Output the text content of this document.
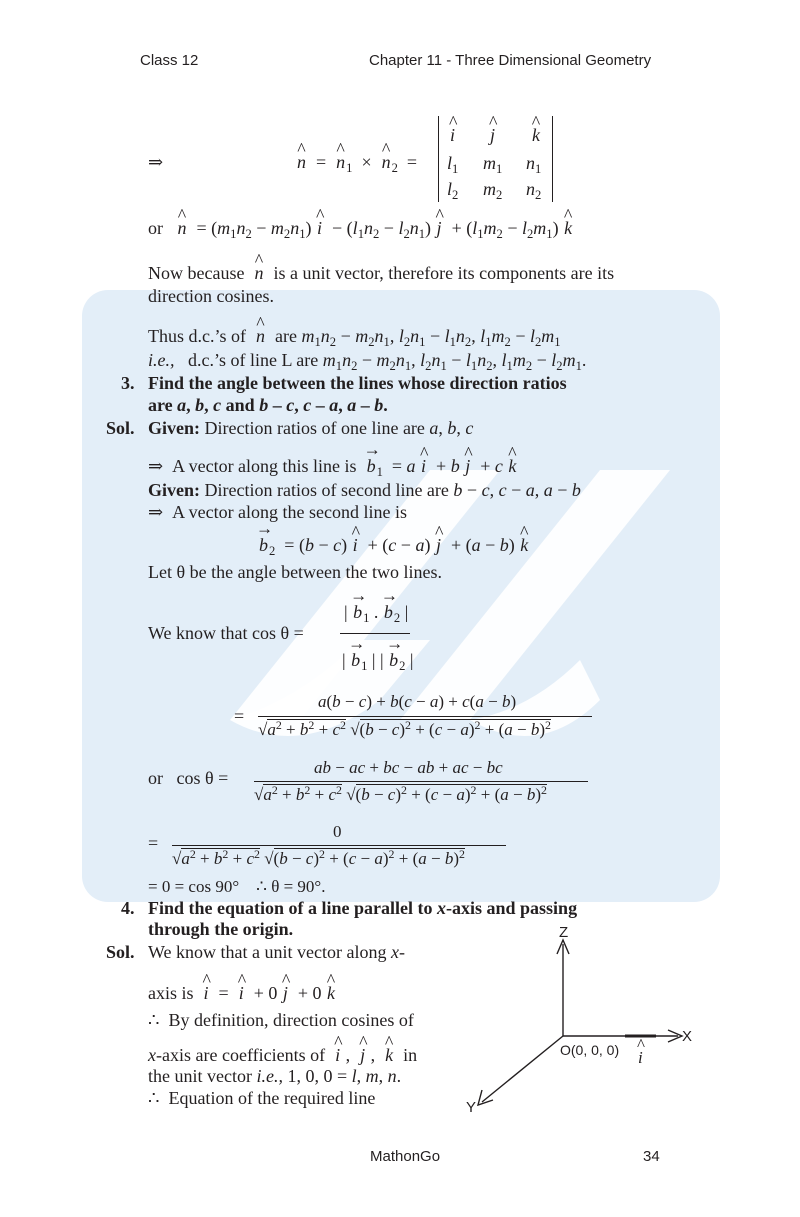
Class 12	Chapter 11 - Three Dimensional Geometry
⇒	^ n  =  ^ $n_1$  ×  ^ $n_2$  =
^ i ^ j ^ k
$l_1$ $m_1$ $n_1$
$l_2$ $m_2$ $n_2$
or   ^ $n = (m_1n_2 - m_2n_1)$ ^ $i - (l_1n_2 - l_2n_1)$ ^ $j + (l_1m_2 - l_2m_1)$ ^ k
Now because  ^ n  is a unit vector, therefore its components are its
direction cosines.
Thus d.c.’s of  ^ n  are $m_1n_2 - m_2n_1$, $l_2n_1 - l_1n_2$, $l_1m_2 - l_2m_1$
i.e.,   d.c.’s of line L are $m_1n_2 - m_2n_1$, $l_2n_1 - l_1n_2$, $l_1m_2 - l_2m_1$.
3. Find the angle between the lines whose direction ratios
are a, b, c and b – c, c – a, a – b.
Sol. Given: Direction ratios of one line are a, b, c
⇒  A vector along this line is  → $b_1 = a$ ^ i  + b ^ j  + c ^ k
Given: Direction ratios of second line are b − c, c − a, a − b
⇒  A vector along the second line is
→ $b_2 = (b - c)$ ^ i  + (c − a) ^ j  + (a − b) ^ k
Let θ be the angle between the two lines.
We know that cos θ =
| → $b_1$ . → $b_2$ |
| → $b_1$ | | → $b_2$ |
=
a(b − c) + b(c − a) + c(a − b)
$√a^2 + b^2 + c^2$ $√(b - c)^2 + (c - a)^2 + (a - b)^2$
or   cos θ =
ab − ac + bc − ab + ac − bc
$√a^2 + b^2 + c^2$ $√(b - c)^2 + (c - a)^2 + (a - b)^2$
=
0
$√a^2 + b^2 + c^2$ $√(b - c)^2 + (c - a)^2 + (a - b)^2$
= 0 = cos 90°    ∴ θ = 90°.
4. Find the equation of a line parallel to x-axis and passing
through the origin.
Sol. We know that a unit vector along x-
axis is  ^ i  =  ^ i  + 0 ^ j  + 0 ^ k
∴  By definition, direction cosines of
x-axis are coefficients of  ^ i ,  ^ j ,  ^ k  in
the unit vector i.e., 1, 0, 0 = l, m, n.
∴  Equation of the required line
Z
X
Y
O(0, 0, 0) ^ i
MathonGo	34
